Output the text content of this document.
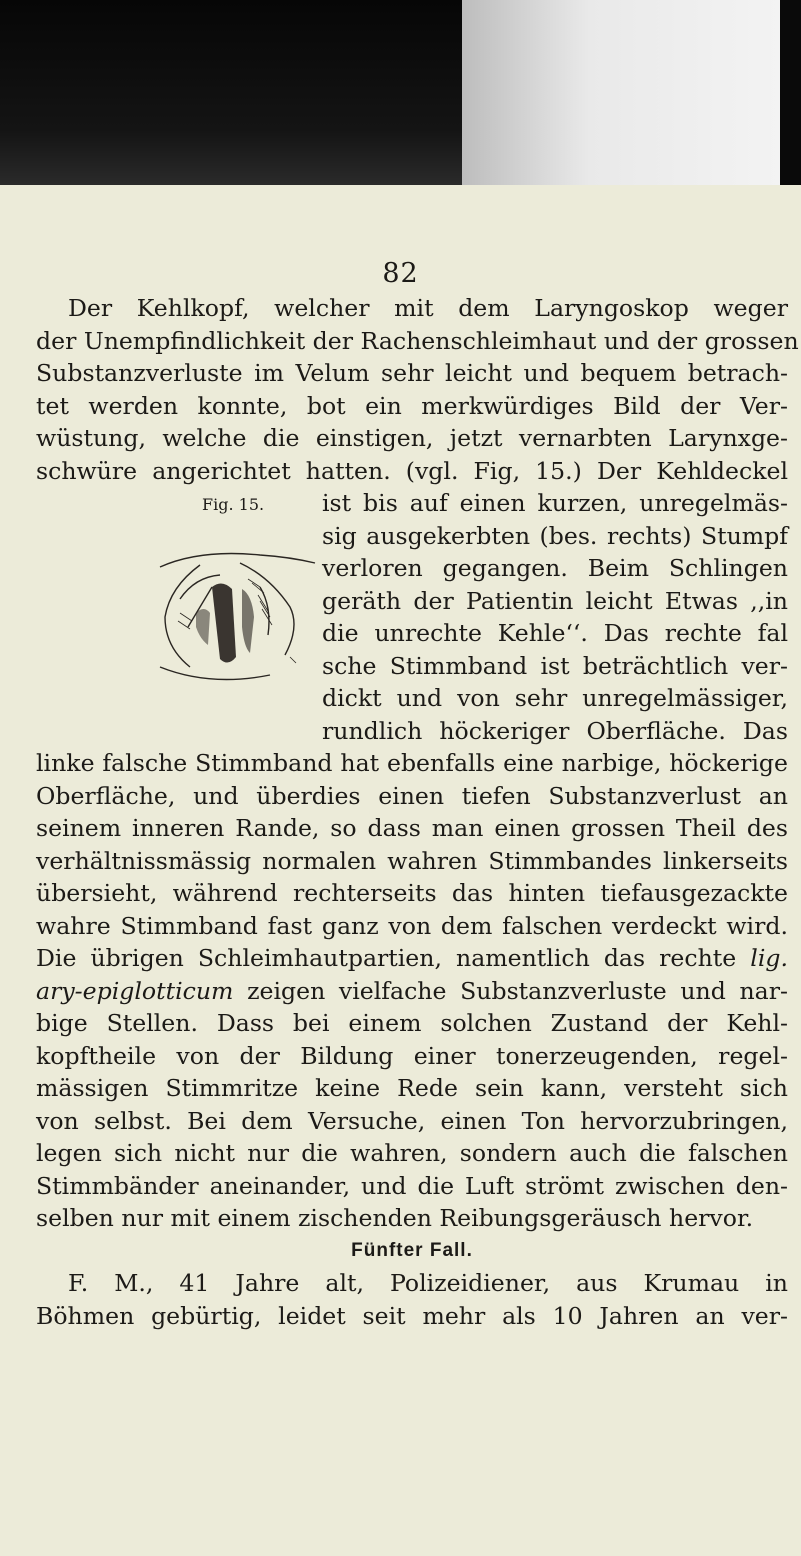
82
Fig. 15.
Der Kehlkopf, welcher mit dem Laryngoskop weger
der Unempfindlichkeit der Rachenschleimhaut und der grossen
Substanzverluste im Velum sehr leicht und bequem betrach-
tet werden konnte, bot ein merkwürdiges Bild der Ver-
wüstung, welche die einstigen, jetzt vernarbten Larynxge-
schwüre angerichtet hatten. (vgl. Fig, 15.) Der Kehldeckel
ist bis auf einen kurzen, unregelmäs-
sig ausgekerbten (bes. rechts) Stumpf
verloren gegangen. Beim Schlingen
geräth der Patientin leicht Etwas ,,in
die unrechte Kehle‘‘. Das rechte fal
sche Stimmband ist beträchtlich ver-
dickt und von sehr unregelmässiger,
rundlich höckeriger Oberfläche. Das
linke falsche Stimmband hat ebenfalls eine narbige, höckerige
Oberfläche, und überdies einen tiefen Substanzverlust an
seinem inneren Rande, so dass man einen grossen Theil des
verhältnissmässig normalen wahren Stimmbandes linkerseits
übersieht, während rechterseits das hinten tiefausgezackte
wahre Stimmband fast ganz von dem falschen verdeckt wird.
Die übrigen Schleimhautpartien, namentlich das rechte lig.
ary-epiglotticum zeigen vielfache Substanzverluste und nar-
bige Stellen. Dass bei einem solchen Zustand der Kehl-
kopftheile von der Bildung einer tonerzeugenden, regel-
mässigen Stimmritze keine Rede sein kann, versteht sich
von selbst. Bei dem Versuche, einen Ton hervorzubringen,
legen sich nicht nur die wahren, sondern auch die falschen
Stimmbänder aneinander, und die Luft strömt zwischen den-
selben nur mit einem zischenden Reibungsgeräusch hervor.
Fünfter Fall.
F. M., 41 Jahre alt, Polizeidiener, aus Krumau in
Böhmen gebürtig, leidet seit mehr als 10 Jahren an ver-
